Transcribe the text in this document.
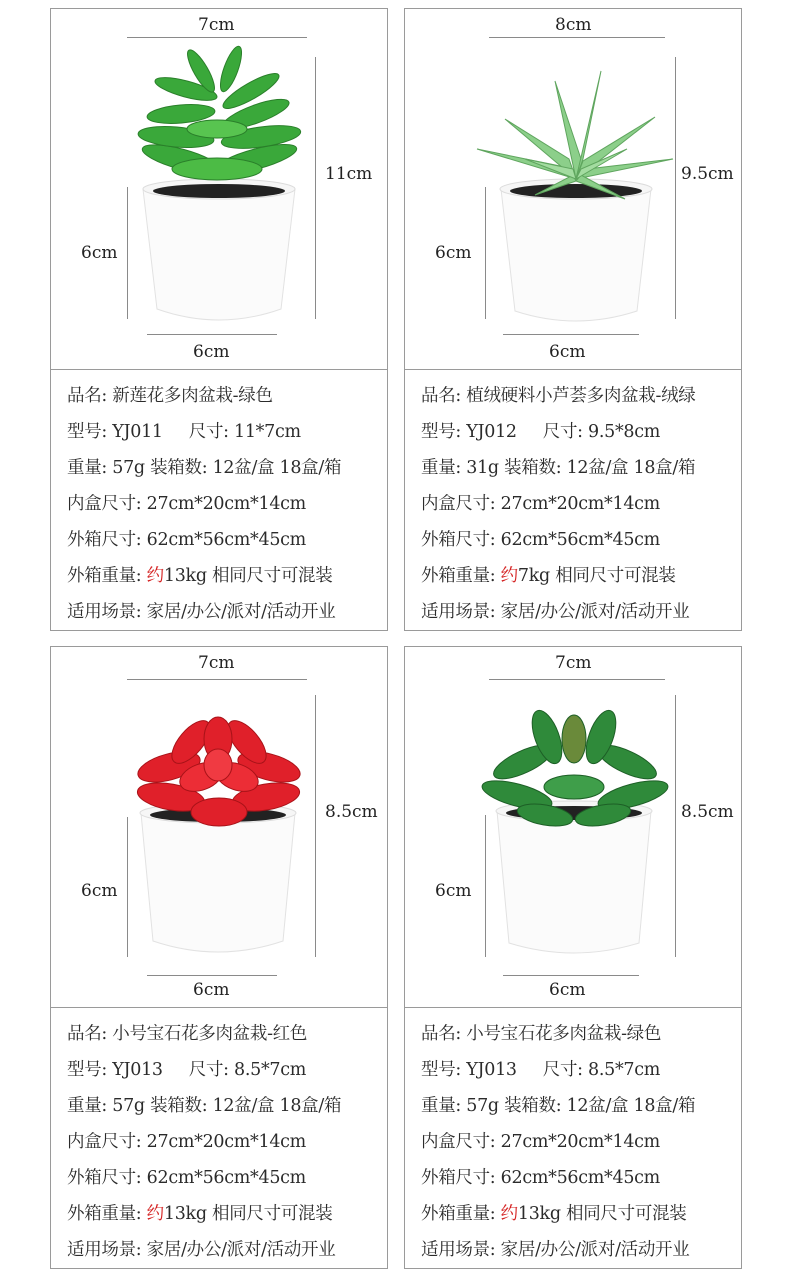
7cm
11cm
6cm
6cm
品名: 新莲花多肉盆栽-绿色
型号: YJ011 尺寸: 11*7cm
重量: 57g 装箱数: 12盆/盒 18盒/箱
内盒尺寸: 27cm*20cm*14cm
外箱尺寸: 62cm*56cm*45cm
外箱重量: 约13kg 相同尺寸可混装
适用场景: 家居/办公/派对/活动开业
8cm
9.5cm
6cm
6cm
品名: 植绒硬料小芦荟多肉盆栽-绒绿
型号: YJ012 尺寸: 9.5*8cm
重量: 31g 装箱数: 12盆/盒 18盒/箱
内盒尺寸: 27cm*20cm*14cm
外箱尺寸: 62cm*56cm*45cm
外箱重量: 约7kg 相同尺寸可混装
适用场景: 家居/办公/派对/活动开业
7cm
8.5cm
6cm
6cm
品名: 小号宝石花多肉盆栽-红色
型号: YJ013 尺寸: 8.5*7cm
重量: 57g 装箱数: 12盆/盒 18盒/箱
内盒尺寸: 27cm*20cm*14cm
外箱尺寸: 62cm*56cm*45cm
外箱重量: 约13kg 相同尺寸可混装
适用场景: 家居/办公/派对/活动开业
7cm
8.5cm
6cm
6cm
品名: 小号宝石花多肉盆栽-绿色
型号: YJ013 尺寸: 8.5*7cm
重量: 57g 装箱数: 12盆/盒 18盒/箱
内盒尺寸: 27cm*20cm*14cm
外箱尺寸: 62cm*56cm*45cm
外箱重量: 约13kg 相同尺寸可混装
适用场景: 家居/办公/派对/活动开业
